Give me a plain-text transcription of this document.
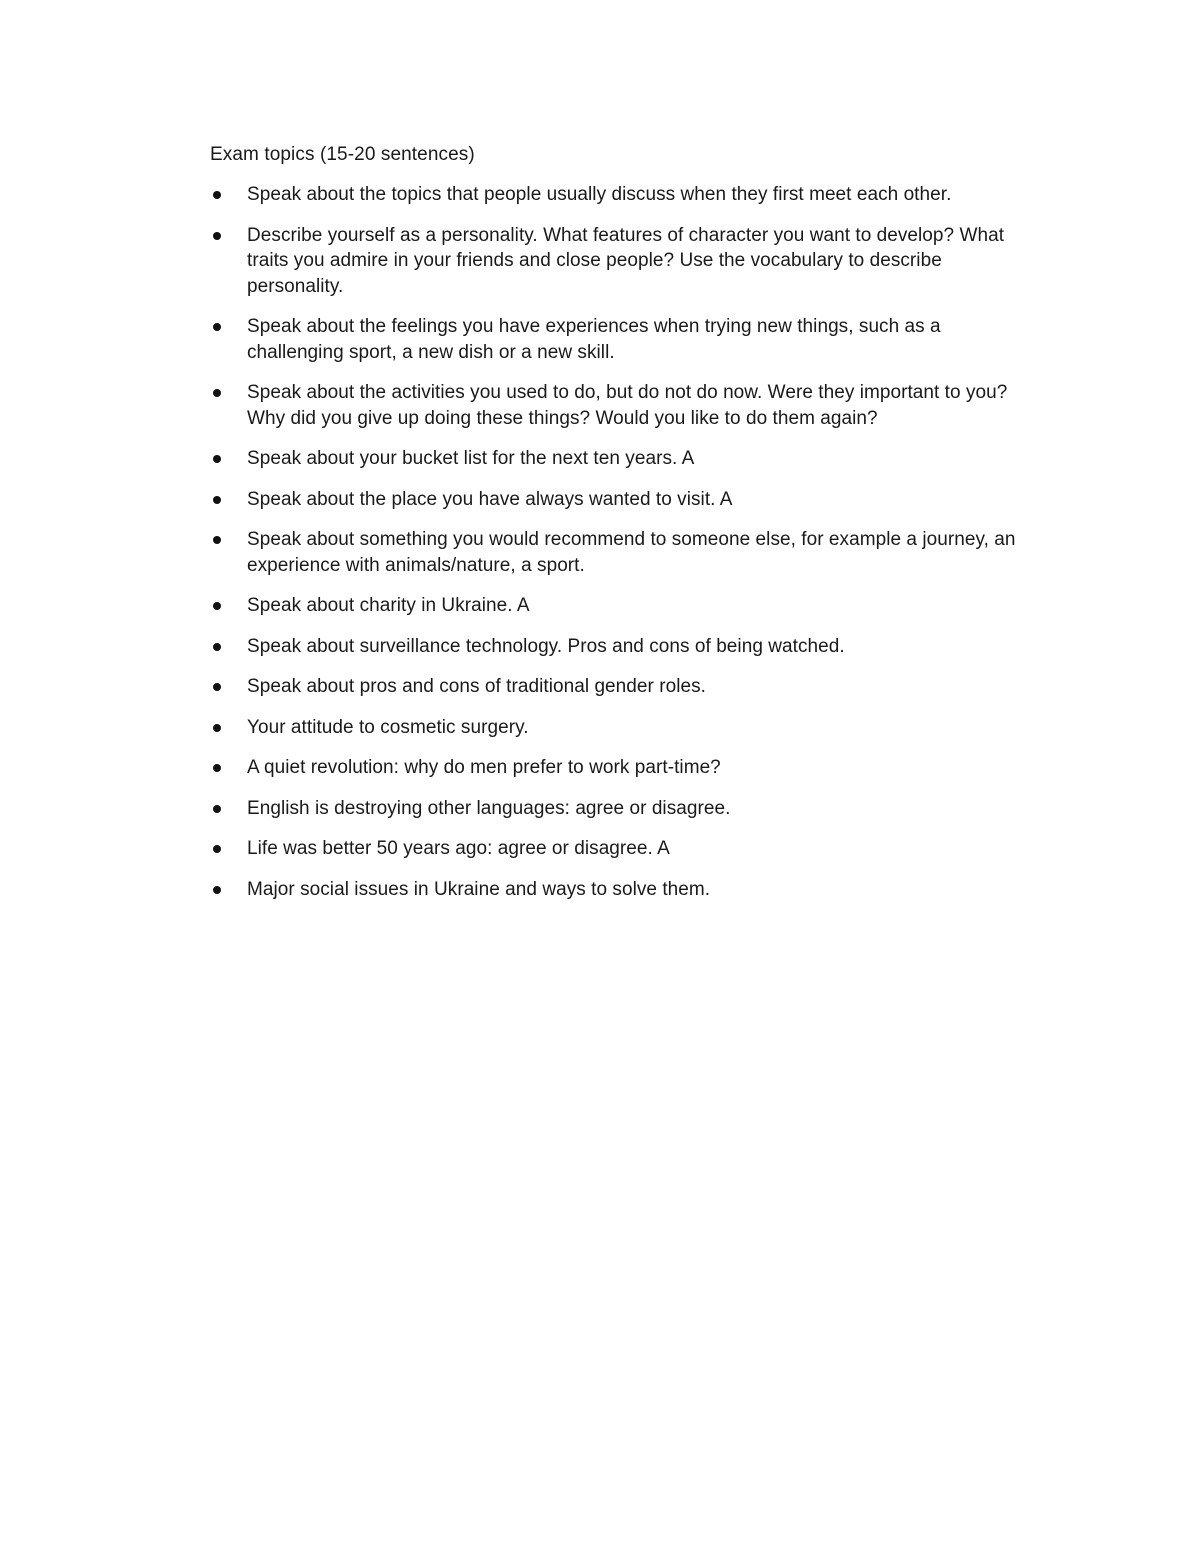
Exam topics (15-20 sentences)

Speak about the topics that people usually discuss when they first meet each other.
Describe yourself as a personality. What features of character you want to develop? What traits you admire in your friends and close people? Use the vocabulary to describe personality.
Speak about the feelings you have experiences when trying new things, such as a challenging sport, a new dish or a new skill.
Speak about the activities you used to do, but do not do now. Were they important to you? Why did you give up doing these things? Would you like to do them again?
Speak about your bucket list for the next ten years. A
Speak about the place you have always wanted to visit. A
Speak about something you would recommend to someone else, for example a journey, an experience with animals/nature, a sport.
Speak about charity in Ukraine. A
Speak about surveillance technology. Pros and cons of being watched.
Speak about pros and cons of traditional gender roles.
Your attitude to cosmetic surgery.
A quiet revolution: why do men prefer to work part-time?
English is destroying other languages: agree or disagree.
Life was better 50 years ago: agree or disagree. A
Major social issues in Ukraine and ways to solve them.
